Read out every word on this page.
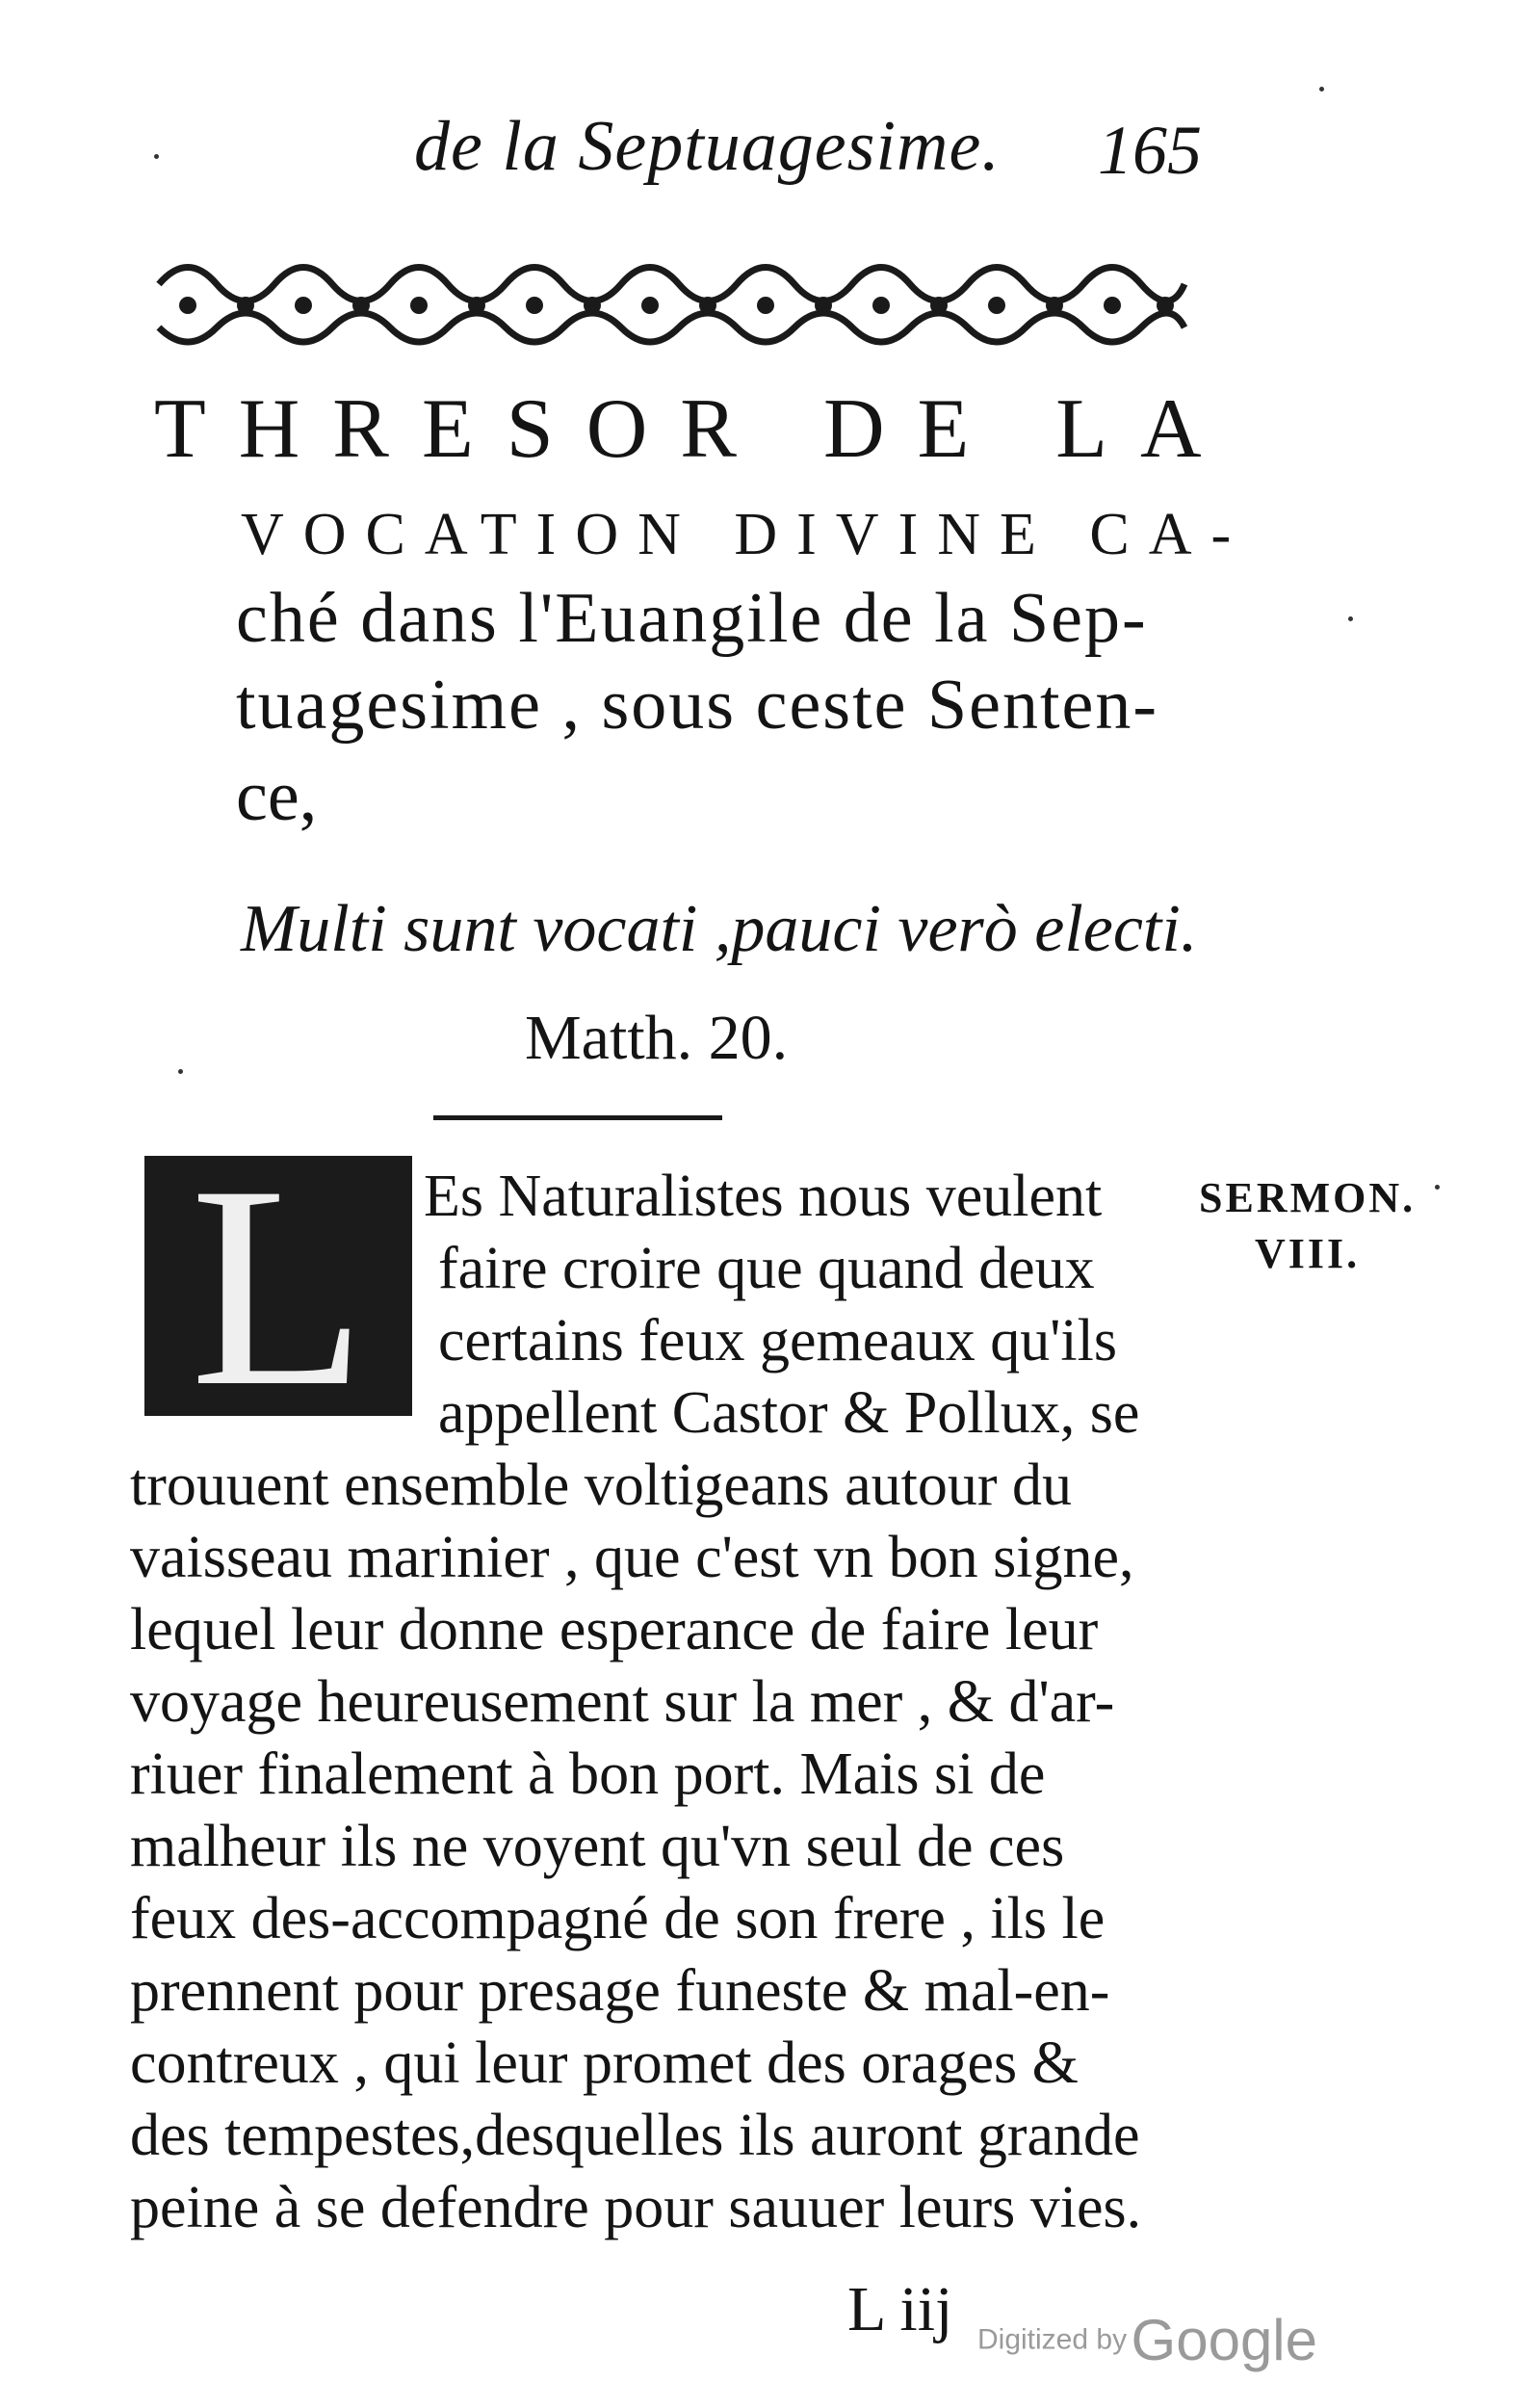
de la Septuagesime. 165
THRESOR DE LA
VOCATION DIVINE CA-
ché dans l'Euangile de la Sep-
tuagesime , sous ceste Senten-
ce,
Multi sunt vocati ,pauci verò electi.
Matth. 20.
L	SERMON.
VIII.
Es Naturalistes nous veulent
faire croire que quand deux
certains feux gemeaux qu'ils
appellent Castor & Pollux, se
trouuent ensemble voltigeans autour du
vaisseau marinier , que c'est vn bon signe,
lequel leur donne esperance de faire leur
voyage heureusement sur la mer , & d'ar-
riuer finalement à bon port. Mais si de
malheur ils ne voyent qu'vn seul de ces
feux des-accompagné de son frere , ils le
prennent pour presage funeste & mal-en-
contreux , qui leur promet des orages &
des tempestes,desquelles ils auront grande
peine à se defendre pour sauuer leurs vies.
L iij Digitized by Google
